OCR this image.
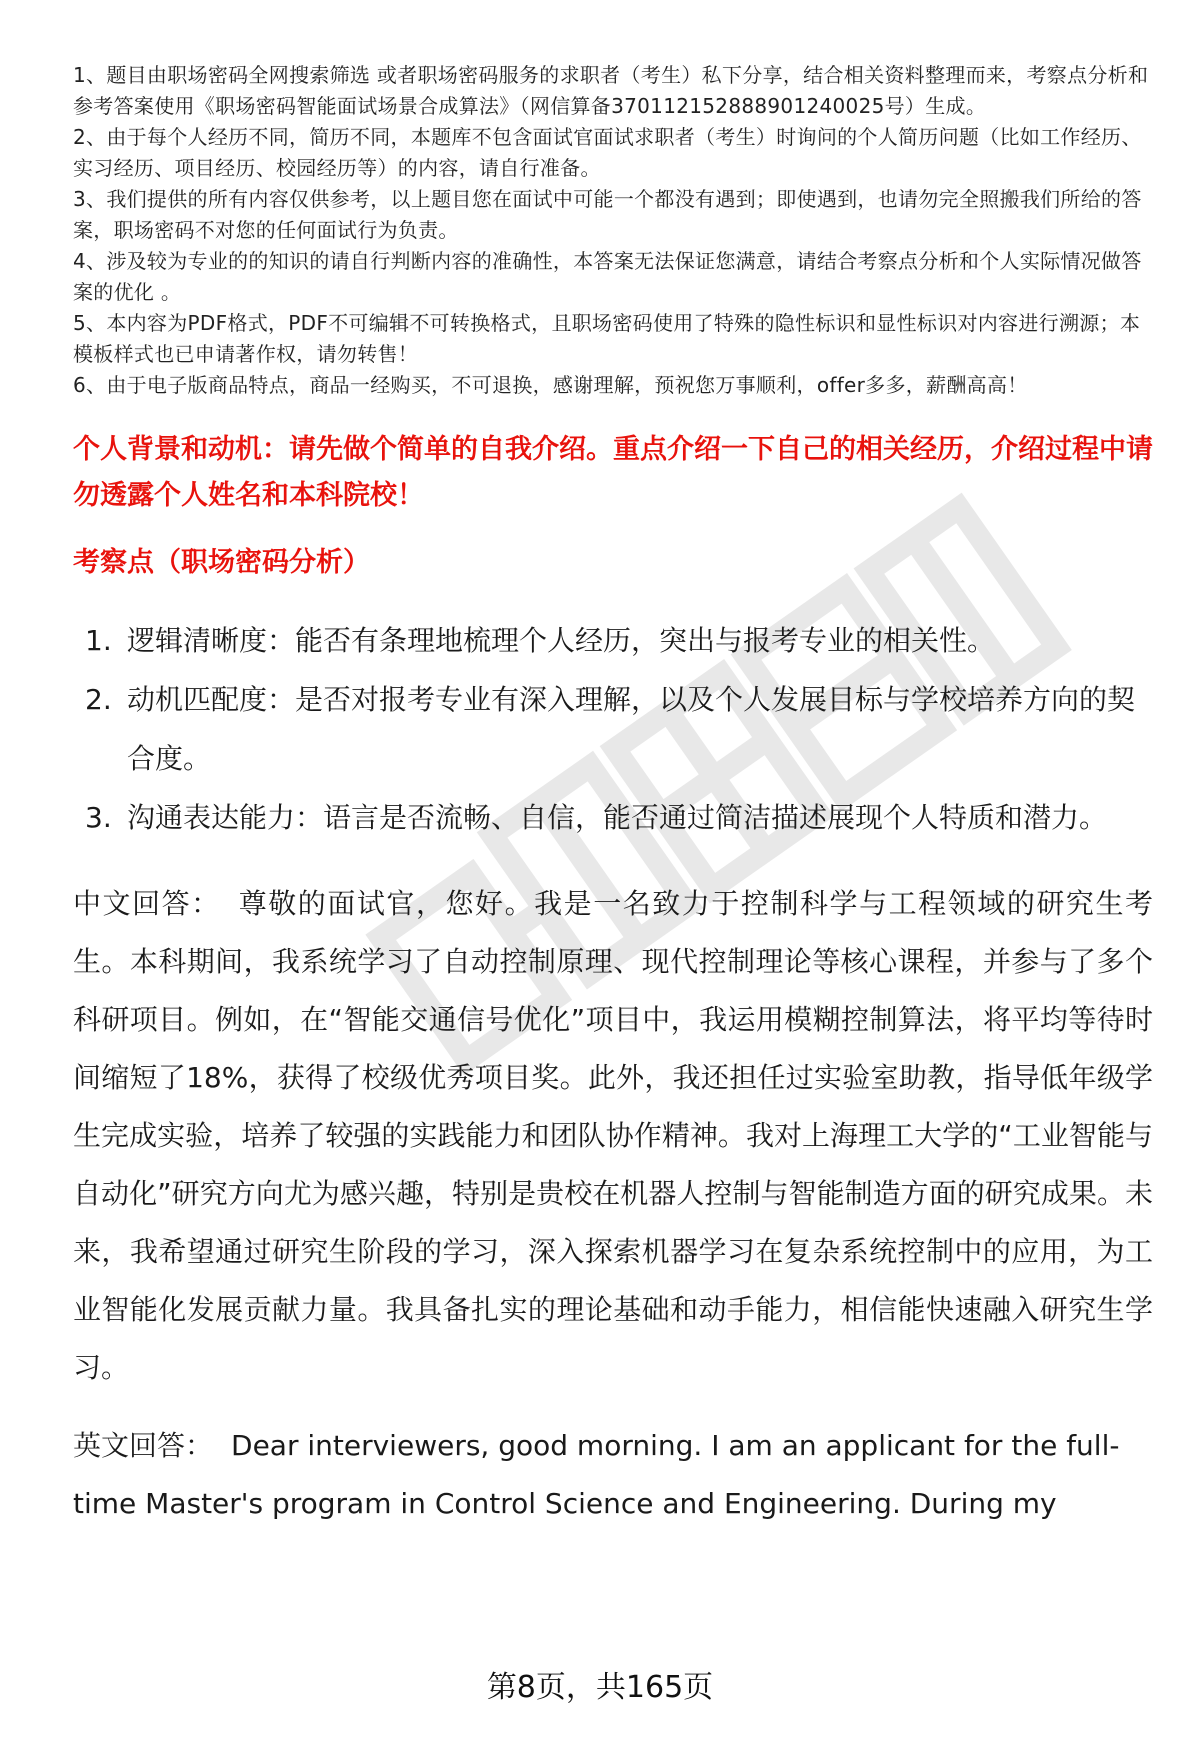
1、题目由职场密码全网搜索筛选 或者职场密码服务的求职者（考生）私下分享，结合相关资料整理而来，考察点分析和参考答案使用《职场密码智能面试场景合成算法》（网信算备370112152888901240025号）生成。

2、由于每个人经历不同，简历不同，本题库不包含面试官面试求职者（考生）时询问的个人简历问题（比如工作经历、实习经历、项目经历、校园经历等）的内容，请自行准备。

3、我们提供的所有内容仅供参考，以上题目您在面试中可能一个都没有遇到；即使遇到，也请勿完全照搬我们所给的答案，职场密码不对您的任何面试行为负责。

4、涉及较为专业的的知识的请自行判断内容的准确性，本答案无法保证您满意，请结合考察点分析和个人实际情况做答案的优化 。

5、本内容为PDF格式，PDF不可编辑不可转换格式，且职场密码使用了特殊的隐性标识和显性标识对内容进行溯源；本模板样式也已申请著作权，请勿转售！

6、由于电子版商品特点，商品一经购买，不可退换，感谢理解，预祝您万事顺利，offer多多，薪酬高高！

个人背景和动机：请先做个简单的自我介绍。重点介绍一下自己的相关经历，介绍过程中请勿透露个人姓名和本科院校！
考察点（职场密码分析）
1. 逻辑清晰度：能否有条理地梳理个人经历，突出与报考专业的相关性。
2. 动机匹配度：是否对报考专业有深入理解，以及个人发展目标与学校培养方向的契合度。
3. 沟通表达能力：语言是否流畅、自信，能否通过简洁描述展现个人特质和潜力。

中文回答： 尊敬的面试官，您好。我是一名致力于控制科学与工程领域的研究生考生。本科期间，我系统学习了自动控制原理、现代控制理论等核心课程，并参与了多个科研项目。例如，在“智能交通信号优化”项目中，我运用模糊控制算法，将平均等待时间缩短了18%，获得了校级优秀项目奖。此外，我还担任过实验室助教，指导低年级学生完成实验，培养了较强的实践能力和团队协作精神。我对上海理工大学的“工业智能与自动化”研究方向尤为感兴趣，特别是贵校在机器人控制与智能制造方面的研究成果。未来，我希望通过研究生阶段的学习，深入探索机器学习在复杂系统控制中的应用，为工业智能化发展贡献力量。我具备扎实的理论基础和动手能力，相信能快速融入研究生学习。

英文回答： Dear interviewers, good morning. I am an applicant for the full-time Master's program in Control Science and Engineering. During my

第8页，共165页
